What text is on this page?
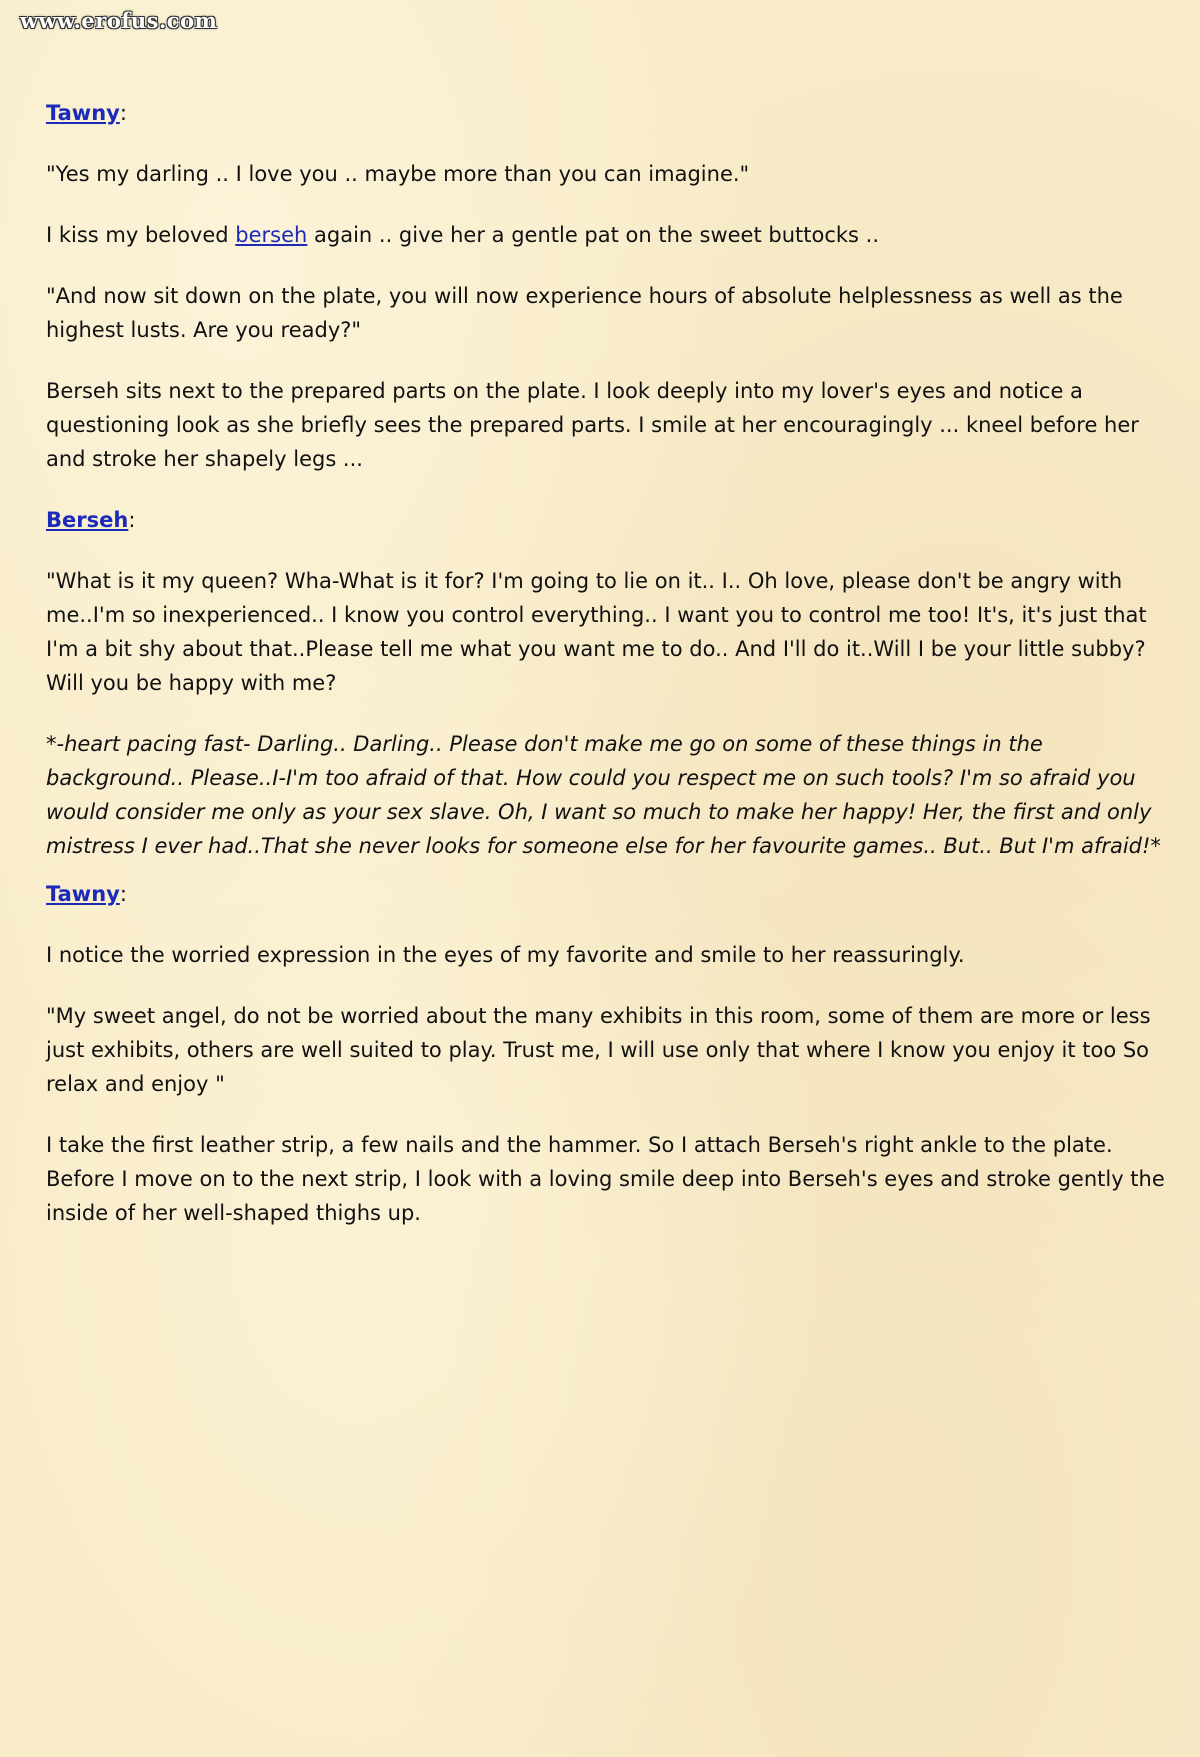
www.erofus.com

Tawny:

"Yes my darling .. I love you .. maybe more than you can imagine."

I kiss my beloved berseh again .. give her a gentle pat on the sweet buttocks ..

"And now sit down on the plate, you will now experience hours of absolute helplessness as well as the highest lusts. Are you ready?"

Berseh sits next to the prepared parts on the plate. I look deeply into my lover's eyes and notice a questioning look as she briefly sees the prepared parts. I smile at her encouragingly ... kneel before her and stroke her shapely legs ...

Berseh:

"What is it my queen? Wha-What is it for? I'm going to lie on it.. I.. Oh love, please don't be angry with me..I'm so inexperienced.. I know you control everything.. I want you to control me too! It's, it's just that I'm a bit shy about that..Please tell me what you want me to do.. And I'll do it..Will I be your little subby? Will you be happy with me?

*-heart pacing fast- Darling.. Darling.. Please don't make me go on some of these things in the background.. Please..I-I'm too afraid of that. How could you respect me on such tools? I'm so afraid you would consider me only as your sex slave. Oh, I want so much to make her happy! Her, the first and only mistress I ever had..That she never looks for someone else for her favourite games.. But.. But I'm afraid!*

Tawny:

I notice the worried expression in the eyes of my favorite and smile to her reassuringly.

"My sweet angel, do not be worried about the many exhibits in this room, some of them are more or less just exhibits, others are well suited to play. Trust me, I will use only that where I know you enjoy it too So relax and enjoy "

I take the first leather strip, a few nails and the hammer. So I attach Berseh's right ankle to the plate. Before I move on to the next strip, I look with a loving smile deep into Berseh's eyes and stroke gently the inside of her well-shaped thighs up.
